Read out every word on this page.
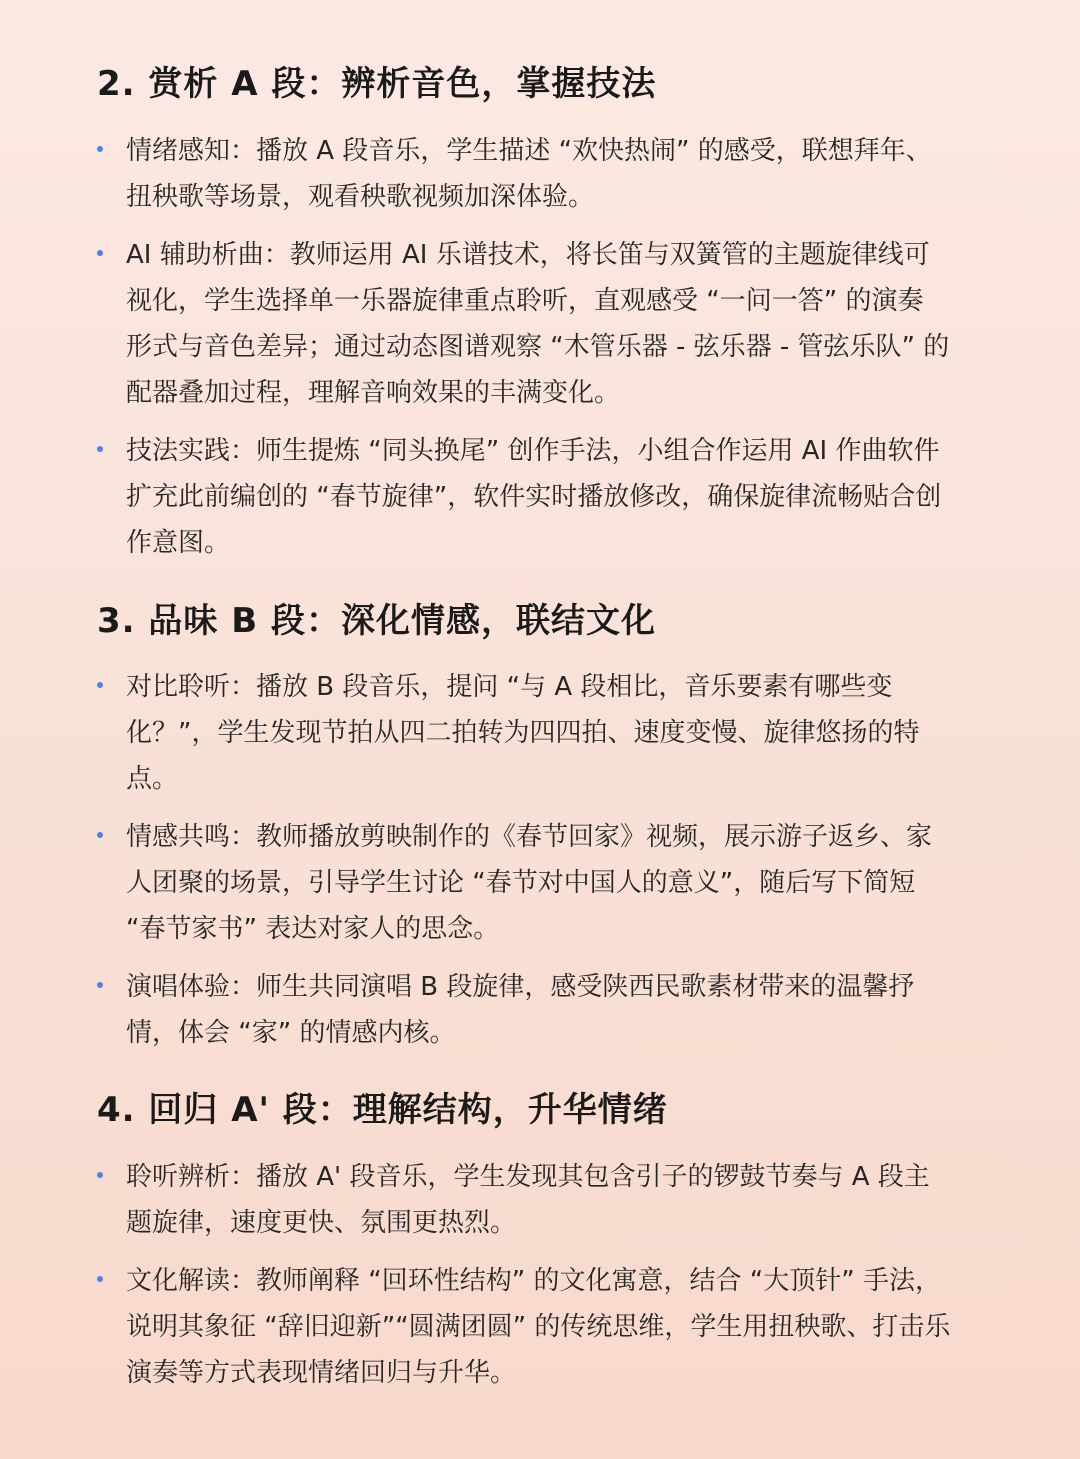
2. 赏析 A 段：辨析音色，掌握技法
情绪感知：播放 A 段音乐，学生描述 “欢快热闹” 的感受，联想拜年、
扭秧歌等场景，观看秧歌视频加深体验。
AI 辅助析曲：教师运用 AI 乐谱技术，将长笛与双簧管的主题旋律线可
视化，学生选择单一乐器旋律重点聆听，直观感受 “一问一答” 的演奏
形式与音色差异；通过动态图谱观察 “木管乐器 - 弦乐器 - 管弦乐队” 的
配器叠加过程，理解音响效果的丰满变化。
技法实践：师生提炼 “同头换尾” 创作手法，小组合作运用 AI 作曲软件
扩充此前编创的 “春节旋律”，软件实时播放修改，确保旋律流畅贴合创
作意图。
3. 品味 B 段：深化情感，联结文化
对比聆听：播放 B 段音乐，提问 “与 A 段相比，音乐要素有哪些变
化？”，学生发现节拍从四二拍转为四四拍、速度变慢、旋律悠扬的特
点。
情感共鸣：教师播放剪映制作的《春节回家》视频，展示游子返乡、家
人团聚的场景，引导学生讨论 “春节对中国人的意义”，随后写下简短
“春节家书” 表达对家人的思念。
演唱体验：师生共同演唱 B 段旋律，感受陕西民歌素材带来的温馨抒
情，体会 “家” 的情感内核。
4. 回归 A' 段：理解结构，升华情绪
聆听辨析：播放 A' 段音乐，学生发现其包含引子的锣鼓节奏与 A 段主
题旋律，速度更快、氛围更热烈。
文化解读：教师阐释 “回环性结构” 的文化寓意，结合 “大顶针” 手法，
说明其象征 “辞旧迎新”“圆满团圆” 的传统思维，学生用扭秧歌、打击乐
演奏等方式表现情绪回归与升华。
